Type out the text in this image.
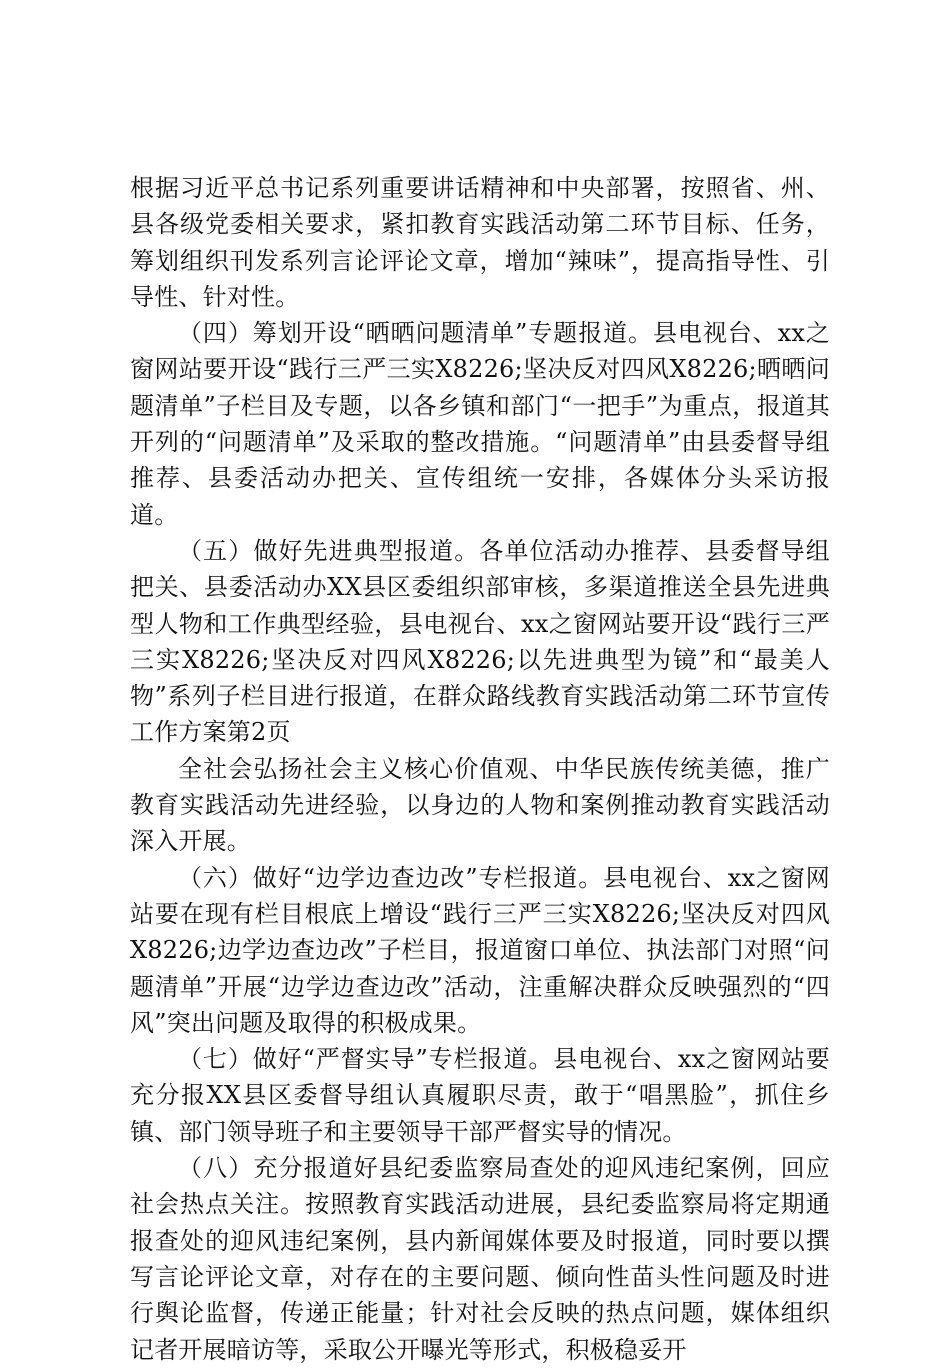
根据习近平总书记系列重要讲话精神和中央部署，按照省、州、县各级党委相关要求，紧扣教育实践活动第二环节目标、任务，筹划组织刊发系列言论评论文章，增加“辣味”，提高指导性、引导性、针对性。

（四）筹划开设“晒晒问题清单”专题报道。县电视台、xx之窗网站要开设“践行三严三实X8226;坚决反对四风X8226;晒晒问题清单”子栏目及专题，以各乡镇和部门“一把手”为重点，报道其开列的“问题清单”及采取的整改措施。“问题清单”由县委督导组推荐、县委活动办把关、宣传组统一安排，各媒体分头采访报道。

（五）做好先进典型报道。各单位活动办推荐、县委督导组把关、县委活动办XX县区委组织部审核，多渠道推送全县先进典型人物和工作典型经验，县电视台、xx之窗网站要开设“践行三严三实X8226;坚决反对四风X8226;以先进典型为镜”和“最美人物”系列子栏目进行报道，在群众路线教育实践活动第二环节宣传工作方案第2页

全社会弘扬社会主义核心价值观、中华民族传统美德，推广教育实践活动先进经验，以身边的人物和案例推动教育实践活动深入开展。

（六）做好“边学边查边改”专栏报道。县电视台、xx之窗网站要在现有栏目根底上增设“践行三严三实X8226;坚决反对四风X8226;边学边查边改”子栏目，报道窗口单位、执法部门对照“问题清单”开展“边学边查边改”活动，注重解决群众反映强烈的“四风”突出问题及取得的积极成果。

（七）做好“严督实导”专栏报道。县电视台、xx之窗网站要充分报XX县区委督导组认真履职尽责，敢于“唱黑脸”，抓住乡镇、部门领导班子和主要领导干部严督实导的情况。

（八）充分报道好县纪委监察局查处的迎风违纪案例，回应社会热点关注。按照教育实践活动进展，县纪委监察局将定期通报查处的迎风违纪案例，县内新闻媒体要及时报道，同时要以撰写言论评论文章，对存在的主要问题、倾向性苗头性问题及时进行舆论监督，传递正能量；针对社会反映的热点问题，媒体组织记者开展暗访等，采取公开曝光等形式，积极稳妥开
